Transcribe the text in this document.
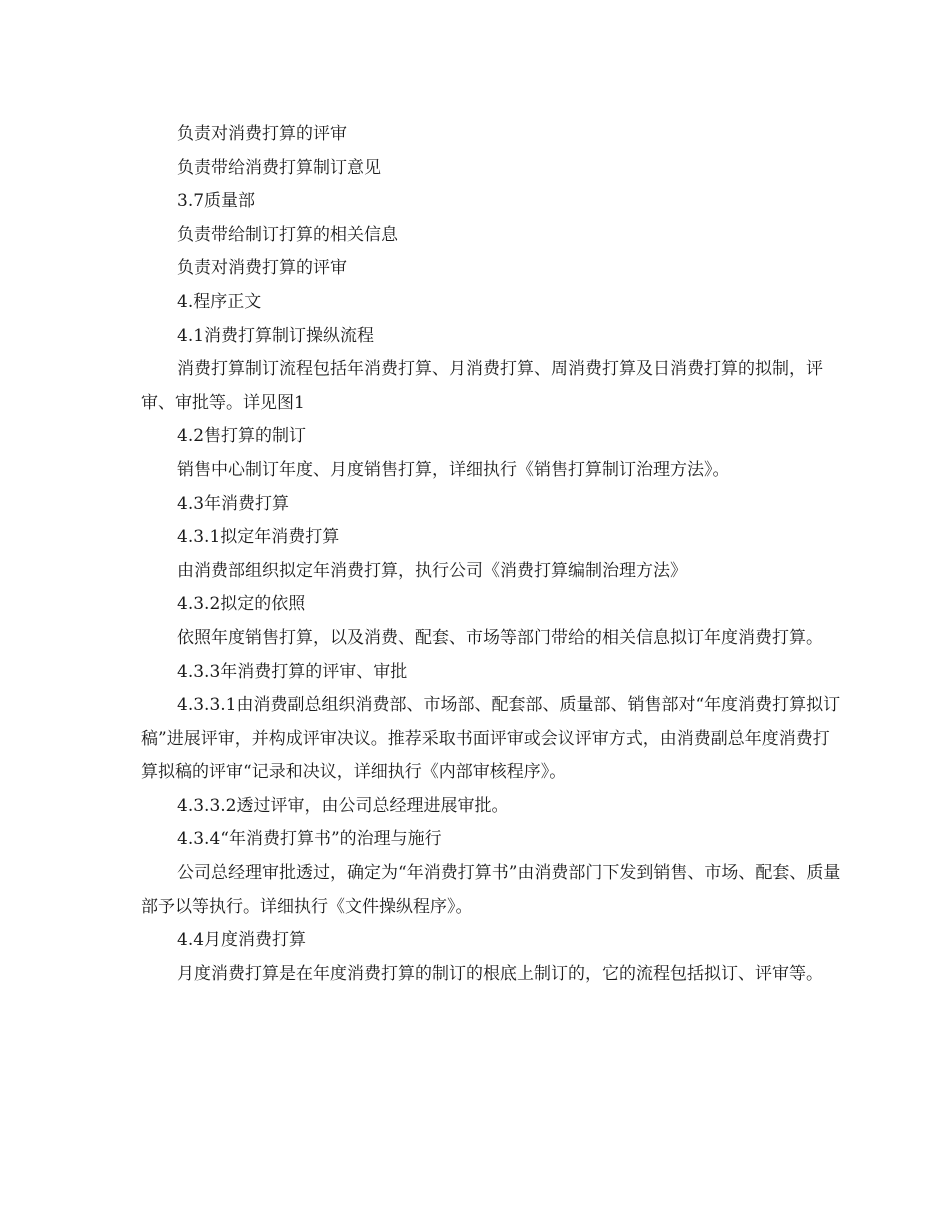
负责对消费打算的评审

负责带给消费打算制订意见

3.7质量部

负责带给制订打算的相关信息

负责对消费打算的评审

4.程序正文

4.1消费打算制订操纵流程

消费打算制订流程包括年消费打算、月消费打算、周消费打算及日消费打算的拟制，评审、审批等。详见图1

4.2售打算的制订

销售中心制订年度、月度销售打算，详细执行《销售打算制订治理方法》。

4.3年消费打算

4.3.1拟定年消费打算

由消费部组织拟定年消费打算，执行公司《消费打算编制治理方法》

4.3.2拟定的依照

依照年度销售打算，以及消费、配套、市场等部门带给的相关信息拟订年度消费打算。

4.3.3年消费打算的评审、审批

4.3.3.1由消费副总组织消费部、市场部、配套部、质量部、销售部对“年度消费打算拟订稿”进展评审，并构成评审决议。推荐采取书面评审或会议评审方式，由消费副总年度消费打算拟稿的评审“记录和决议，详细执行《内部审核程序》。

4.3.3.2透过评审，由公司总经理进展审批。

4.3.4“年消费打算书”的治理与施行

公司总经理审批透过，确定为“年消费打算书”由消费部门下发到销售、市场、配套、质量部予以等执行。详细执行《文件操纵程序》。

4.4月度消费打算

月度消费打算是在年度消费打算的制订的根底上制订的，它的流程包括拟订、评审等。
